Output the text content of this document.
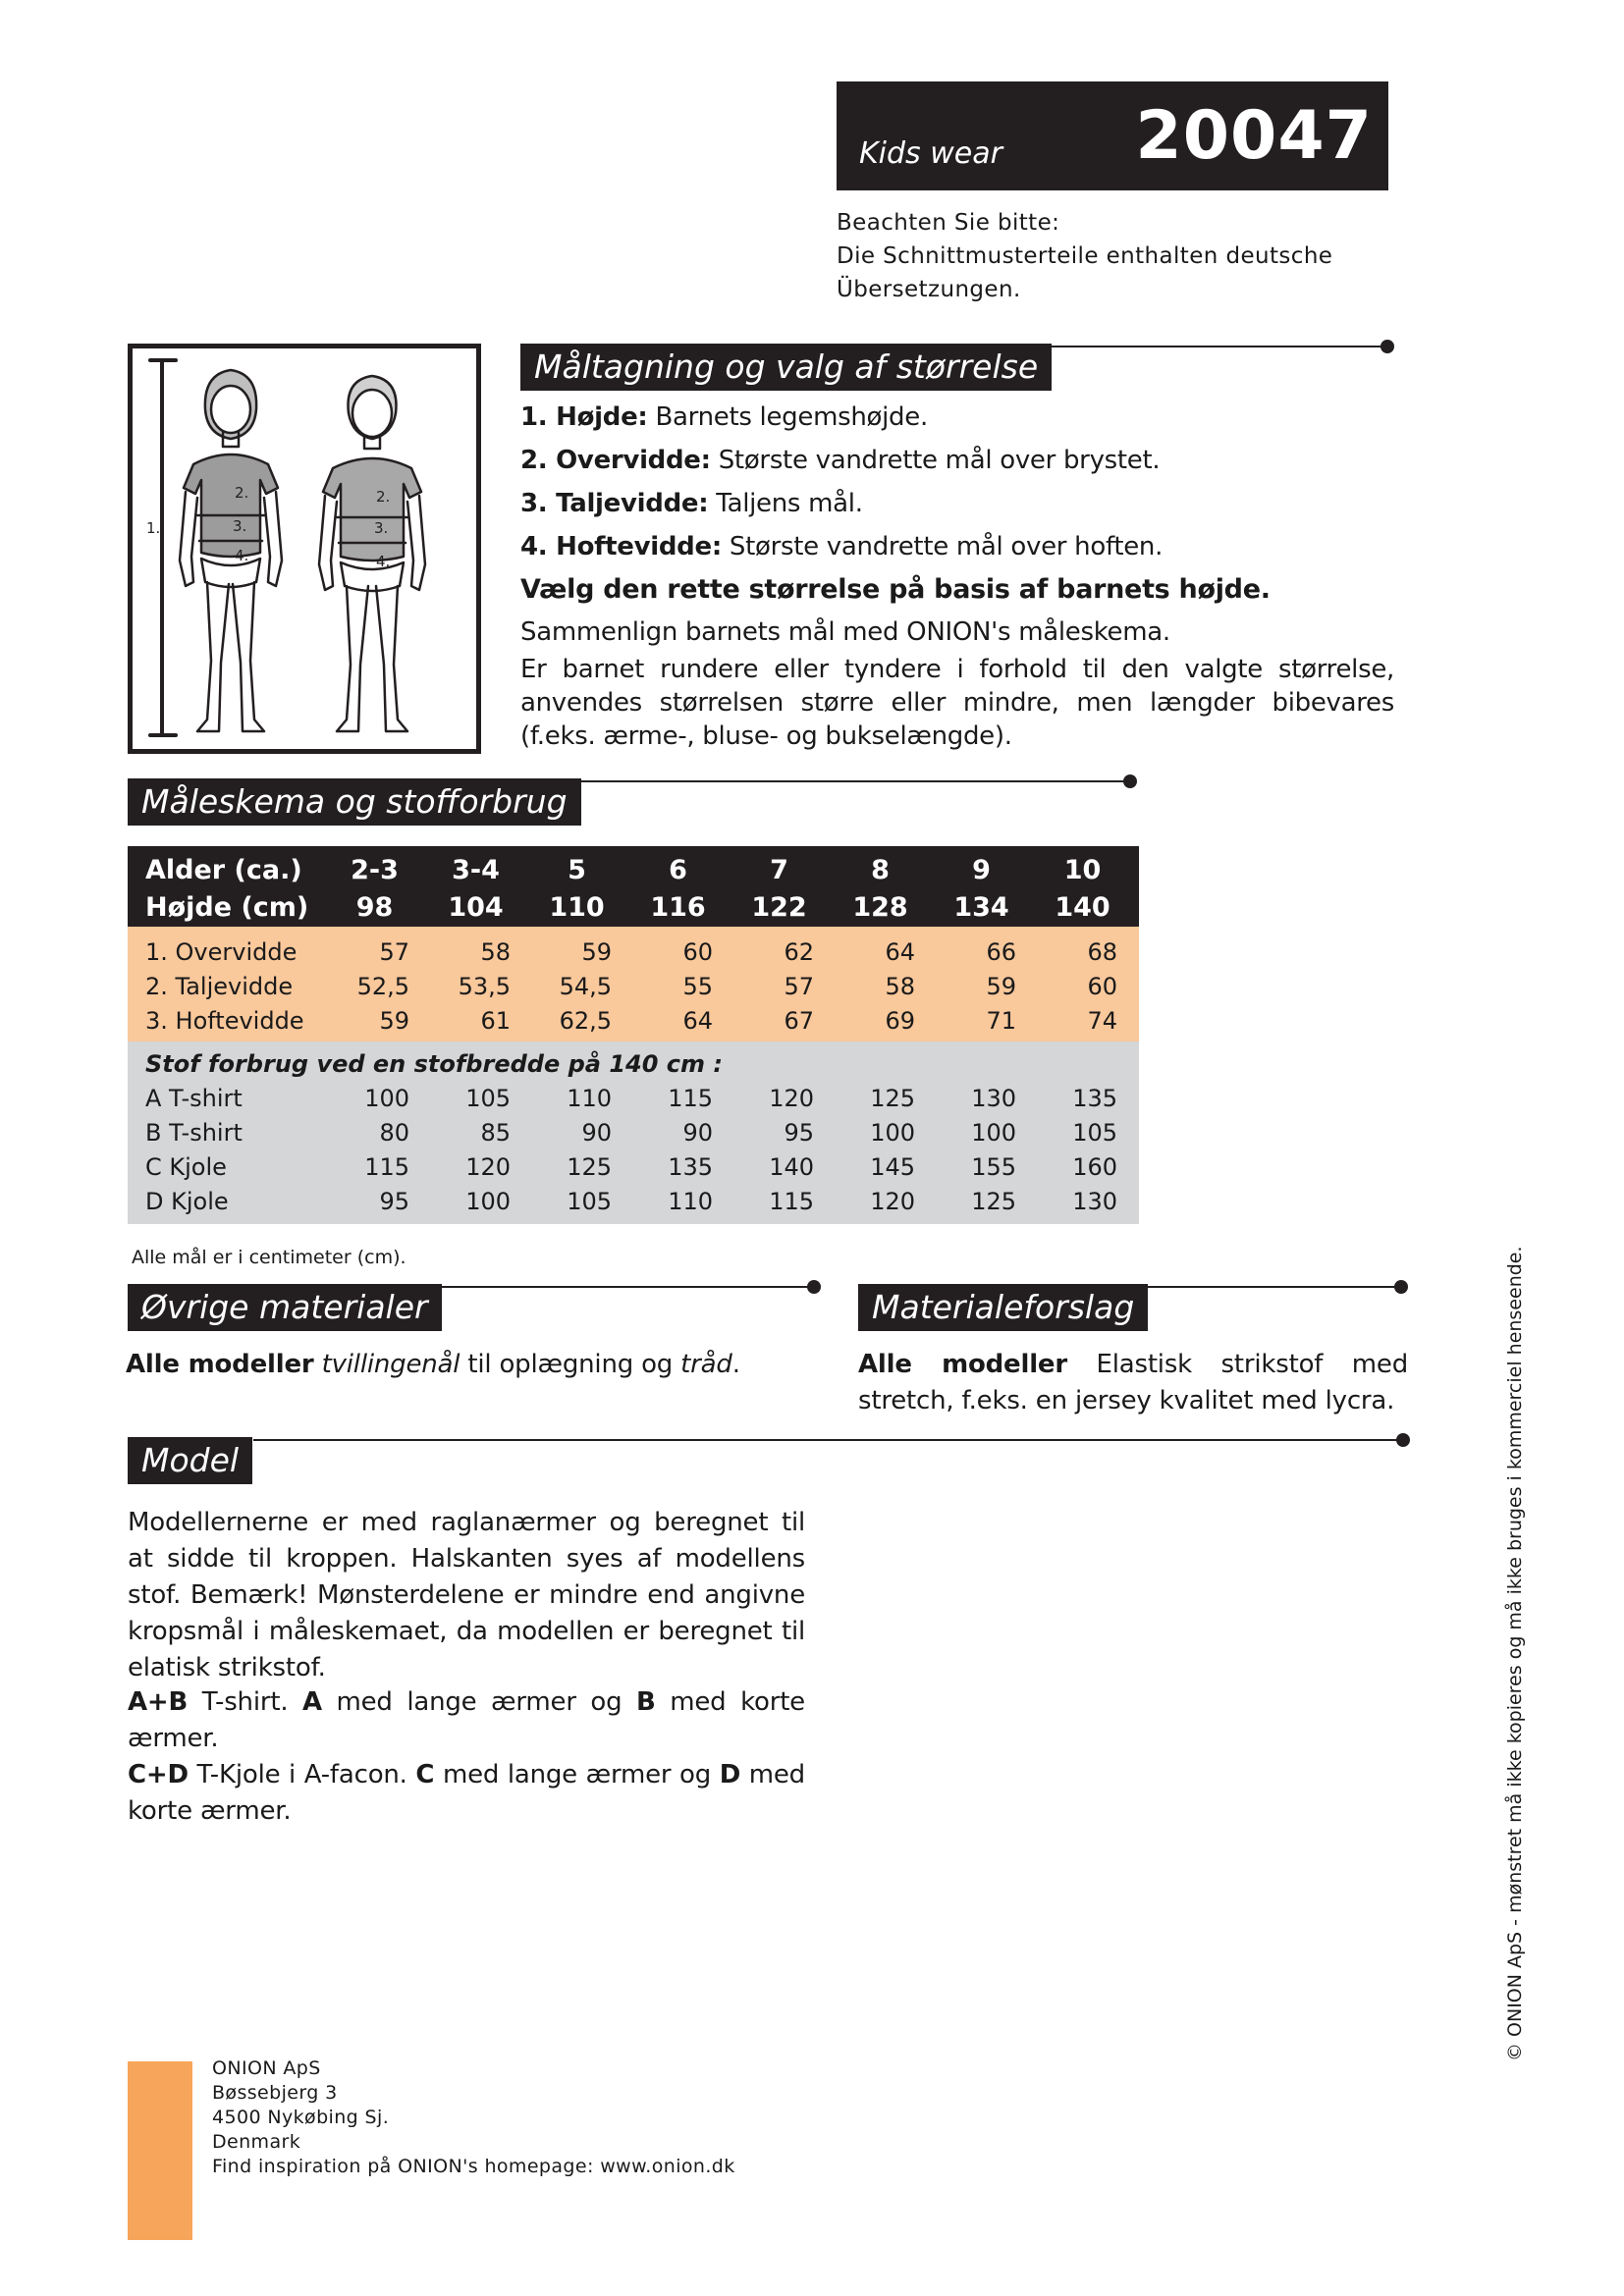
Kids wear 20047
Beachten Sie bitte:
Die Schnittmusterteile enthalten deutsche
Übersetzungen.
1.
2.
3.
4.
2.
3.
4.
Måltagning og valg af størrelse

1. Højde: Barnets legemshøjde.

2. Overvidde: Største vandrette mål over brystet.

3. Taljevidde: Taljens mål.

4. Hoftevidde: Største vandrette mål over hoften.

Vælg den rette størrelse på basis af barnets højde.

Sammenlign barnets mål med ONION's måleskema.

Er barnet rundere eller tyndere i forhold til den valgte størrelse, anvendes størrelsen større eller mindre, men længder bibevares (f.eks. ærme-, bluse- og bukselængde).

Måleskema og stofforbrug
Alder (ca.)	2-3	3-4	5	6	7	8	9	10
Højde (cm)	98	104	110	116	122	128	134	140
1. Overvidde	57	58	59	60	62	64	66	68
2. Taljevidde	52,5	53,5	54,5	55	57	58	59	60
3. Hoftevidde	59	61	62,5	64	67	69	71	74
Stof forbrug ved en stofbredde på 140 cm :
A T-shirt	100	105	110	115	120	125	130	135
B T-shirt	80	85	90	90	95	100	100	105
C Kjole	115	120	125	135	140	145	155	160
D Kjole	95	100	105	110	115	120	125	130
Alle mål er i centimeter (cm).
Øvrige materialer
Alle modeller tvillingenål til oplægning og tråd.
Materialeforslag
Alle modeller Elastisk strikstof med stretch, f.eks. en jersey kvalitet med lycra.
Model
Modellernerne er med raglanærmer og beregnet til at sidde til kroppen. Halskanten syes af modellens stof. Bemærk! Mønsterdelene er mindre end angivne kropsmål i måleskemaet, da modellen er beregnet til elatisk strikstof.
A+B T-shirt. A med lange ærmer og B med korte ærmer.
C+D T-Kjole i A-facon. C med lange ærmer og D med korte ærmer.
ONION ApS
Bøssebjerg 3
4500 Nykøbing Sj.
Denmark
Find inspiration på ONION's homepage: www.onion.dk
© ONION ApS - mønstret må ikke kopieres og må ikke bruges i kommerciel henseende.
